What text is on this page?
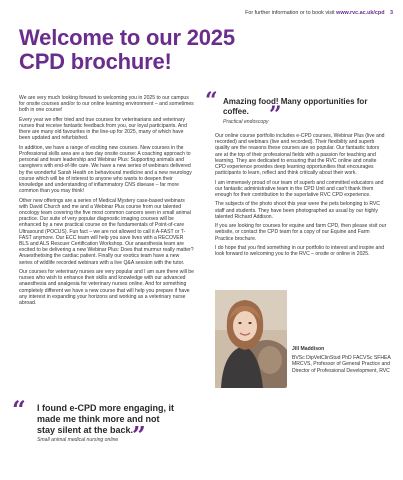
For further information or to book visit www.rvc.ac.uk/cpd 3
Welcome to our 2025
CPD brochure!

We are very much looking forward to welcoming you in 2025 to our campus for onsite courses and/or to our online learning environment – and sometimes both in one course!

Every year we offer tried and true courses for veterinarians and veterinary nurses that receive fantastic feedback from you, our loyal participants. And there are many old favourites in the line-up for 2025, many of which have been updated and refurbished.

In addition, we have a range of exciting new courses. New courses in the Professional skills area are a two day onsite course: A coaching approach to personal and team leadership and Webinar Plus: Supporting animals and caregivers with end-of-life care. We have a new series of webinars delivered by the wonderful Sarah Heath on behavioural medicine and a new neurology course which will be of interest to anyone who wants to deepen their knowledge and understanding of inflammatory CNS disease – far more common than you may think!

Other new offerings are a series of Medical Mystery case-based webinars with David Church and me and a Webinar Plus course from our talented oncology team covering the five most common cancers seen in small animal practice. Our suite of very popular diagnostic imaging courses will be enhanced by a new practical course on the fundamentals of Point-of-care Ultrasound (POCUS). Fun fact – we are not allowed to call it A-FAST or T-FAST anymore. Our ECC team will help you save lives with a RECOVER BLS and ALS Rescuer Certification Workshop. Our anaesthesia team are excited to be delivering a new Webinar Plus: Does that murmur really matter? Anaesthetising the cardiac patient. Finally our exotics team have a new series of wildlife recorded webinars with a live Q&A session with the tutor.

Our courses for veterinary nurses are very popular and I am sure there will be nurses who wish to enhance their skills and knowledge with our advanced anaesthesia and analgesia for veterinary nurses online. And for something completely different we have a new course that will help you prepare if have any interest in expanding your horizons and working as a veterinary nurse abroad.

“ Amazing food! Many opportunities for coffee. ”
Practical endoscopy

Our online course portfolio includes e-CPD courses, Webinar Plus (live and recorded) and webinars (live and recorded). Their flexibility and superb quality are the reasons these courses are so popular. Our fantastic tutors are at the top of their professional fields with a passion for teaching and learning. They are dedicated to ensuring that the RVC online and onsite CPD experience provides deep learning opportunities that encourages participants to learn, reflect and think critically about their work.

I am immensely proud of our team of superb and committed educators and our fantastic administrative team in the CPD Unit and can't thank them enough for their contribution to the superlative RVC CPD experience.

The subjects of the photo shoot this year were the pets belonging to RVC staff and students. They have been photographed as usual by our highly talented Richard Addison.

If you are looking for courses for equine and farm CPD, then please visit our website, or contact the CPD team for a copy of our Equine and Farm Practice brochure.

I do hope that you find something in our portfolio to interest and inspire and look forward to welcoming you to the RVC – onsite or online in 2025.

Jill Maddison
BVSc DipVetClinStud PhD FACVSc SFHEA MRCVS, Professor of General Practice and Director of Professional Development, RVC
“ I found e-CPD more engaging, it made me think more and not stay silent at the back.
”
Small animal medical nursing online
